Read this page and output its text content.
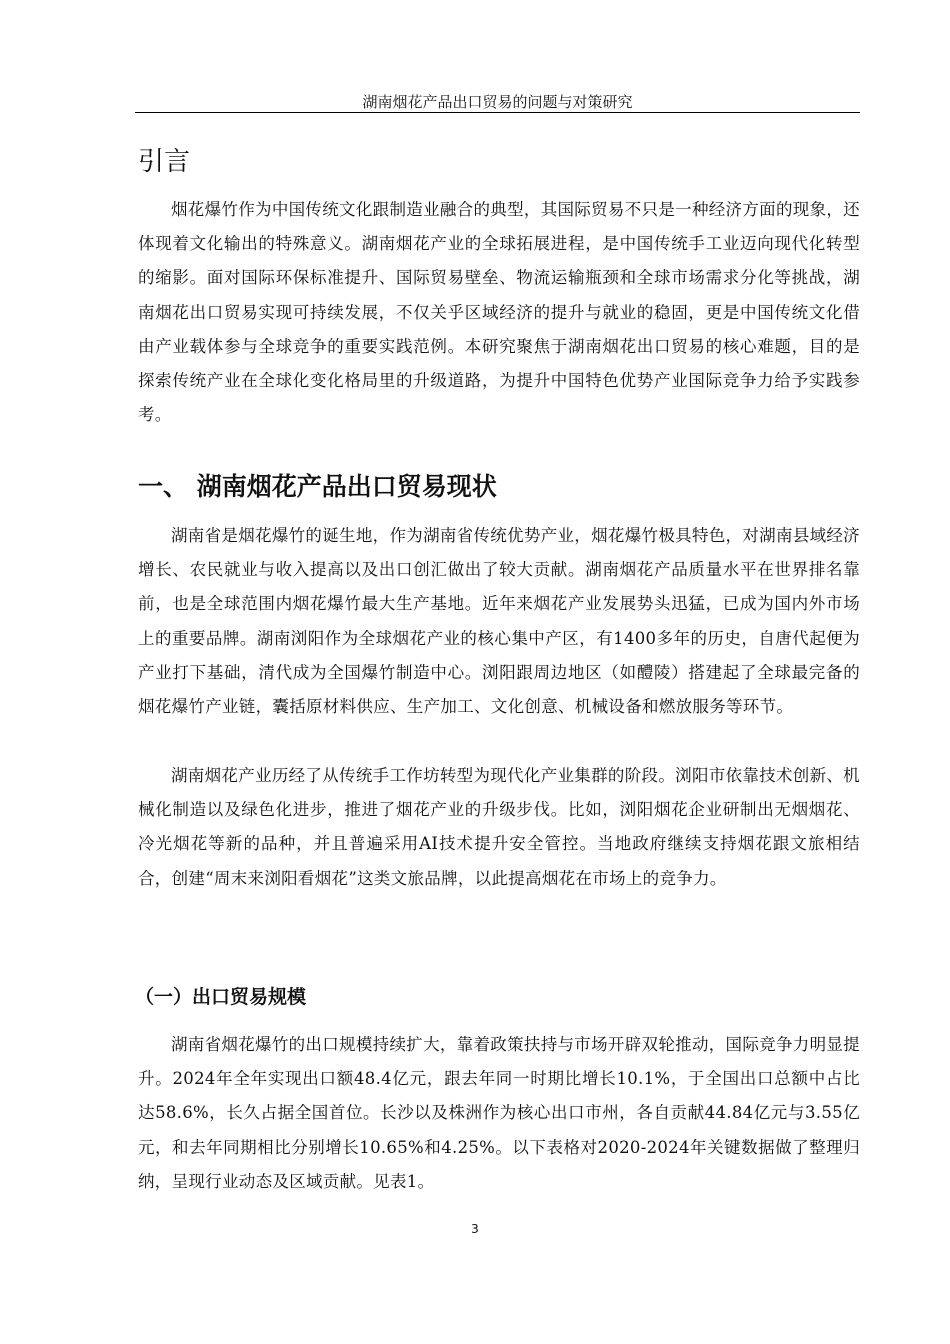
湖南烟花产品出口贸易的问题与对策研究
引言

烟花爆竹作为中国传统文化跟制造业融合的典型，其国际贸易不只是一种经济方面的现象，还体现着文化输出的特殊意义。湖南烟花产业的全球拓展进程，是中国传统手工业迈向现代化转型的缩影。面对国际环保标准提升、国际贸易壁垒、物流运输瓶颈和全球市场需求分化等挑战，湖南烟花出口贸易实现可持续发展，不仅关乎区域经济的提升与就业的稳固，更是中国传统文化借由产业载体参与全球竞争的重要实践范例。本研究聚焦于湖南烟花出口贸易的核心难题，目的是探索传统产业在全球化变化格局里的升级道路，为提升中国特色优势产业国际竞争力给予实践参考。

一、 湖南烟花产品出口贸易现状

湖南省是烟花爆竹的诞生地，作为湖南省传统优势产业，烟花爆竹极具特色，对湖南县域经济增长、农民就业与收入提高以及出口创汇做出了较大贡献。湖南烟花产品质量水平在世界排名靠前，也是全球范围内烟花爆竹最大生产基地。近年来烟花产业发展势头迅猛，已成为国内外市场上的重要品牌。湖南浏阳作为全球烟花产业的核心集中产区，有1400多年的历史，自唐代起便为产业打下基础，清代成为全国爆竹制造中心。浏阳跟周边地区（如醴陵）搭建起了全球最完备的烟花爆竹产业链，囊括原材料供应、生产加工、文化创意、机械设备和燃放服务等环节。

湖南烟花产业历经了从传统手工作坊转型为现代化产业集群的阶段。浏阳市依靠技术创新、机械化制造以及绿色化进步，推进了烟花产业的升级步伐。比如，浏阳烟花企业研制出无烟烟花、冷光烟花等新的品种，并且普遍采用AI技术提升安全管控。当地政府继续支持烟花跟文旅相结合，创建“周末来浏阳看烟花”这类文旅品牌，以此提高烟花在市场上的竞争力。

（一）出口贸易规模

湖南省烟花爆竹的出口规模持续扩大，靠着政策扶持与市场开辟双轮推动，国际竞争力明显提升。2024年全年实现出口额48.4亿元，跟去年同一时期比增长10.1%，于全国出口总额中占比达58.6%，长久占据全国首位。长沙以及株洲作为核心出口市州，各自贡献44.84亿元与3.55亿元，和去年同期相比分别增长10.65%和4.25%。以下表格对2020-2024年关键数据做了整理归纳，呈现行业动态及区域贡献。见表1。

3
